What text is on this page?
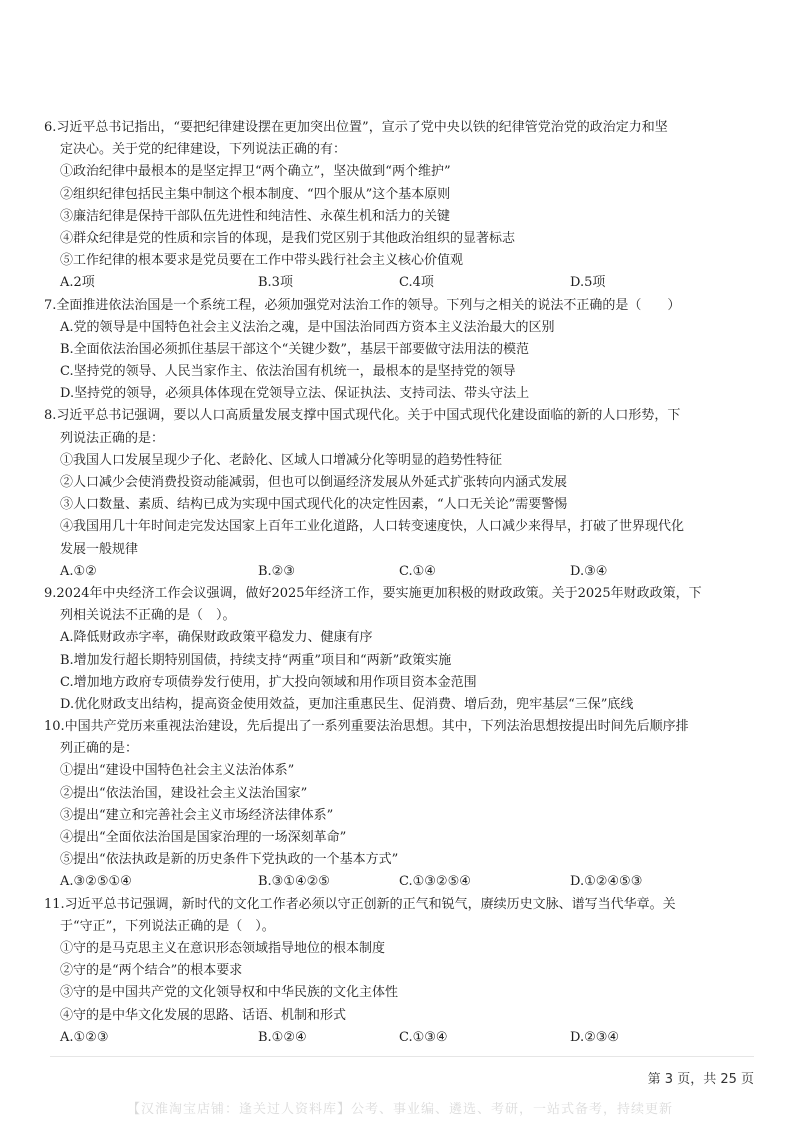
6.习近平总书记指出，“要把纪律建设摆在更加突出位置”，宣示了党中央以铁的纪律管党治党的政治定力和坚
定决心。关于党的纪律建设，下列说法正确的有：
①政治纪律中最根本的是坚定捍卫“两个确立”，坚决做到“两个维护”
②组织纪律包括民主集中制这个根本制度、“四个服从”这个基本原则
③廉洁纪律是保持干部队伍先进性和纯洁性、永葆生机和活力的关键
④群众纪律是党的性质和宗旨的体现，是我们党区别于其他政治组织的显著标志
⑤工作纪律的根本要求是党员要在工作中带头践行社会主义核心价值观
A.2项	B.3项	C.4项	D.5项
7.全面推进依法治国是一个系统工程，必须加强党对法治工作的领导。下列与之相关的说法不正确的是（　　）
A.党的领导是中国特色社会主义法治之魂，是中国法治同西方资本主义法治最大的区别
B.全面依法治国必须抓住基层干部这个“关键少数”，基层干部要做守法用法的模范
C.坚持党的领导、人民当家作主、依法治国有机统一，最根本的是坚持党的领导
D.坚持党的领导，必须具体体现在党领导立法、保证执法、支持司法、带头守法上
8.习近平总书记强调，要以人口高质量发展支撑中国式现代化。关于中国式现代化建设面临的新的人口形势，下
列说法正确的是：
①我国人口发展呈现少子化、老龄化、区域人口增减分化等明显的趋势性特征
②人口减少会使消费投资动能减弱，但也可以倒逼经济发展从外延式扩张转向内涵式发展
③人口数量、素质、结构已成为实现中国式现代化的决定性因素，“人口无关论”需要警惕
④我国用几十年时间走完发达国家上百年工业化道路，人口转变速度快，人口减少来得早，打破了世界现代化
发展一般规律
A.①②	B.②③	C.①④	D.③④
9.2024年中央经济工作会议强调，做好2025年经济工作，要实施更加积极的财政政策。关于2025年财政政策，下
列相关说法不正确的是（　）。
A.降低财政赤字率，确保财政政策平稳发力、健康有序
B.增加发行超长期特别国债，持续支持“两重”项目和“两新”政策实施
C.增加地方政府专项债券发行使用，扩大投向领域和用作项目资本金范围
D.优化财政支出结构，提高资金使用效益，更加注重惠民生、促消费、增后劲，兜牢基层“三保”底线
10.中国共产党历来重视法治建设，先后提出了一系列重要法治思想。其中，下列法治思想按提出时间先后顺序排
列正确的是：
①提出“建设中国特色社会主义法治体系”
②提出“依法治国，建设社会主义法治国家”
③提出“建立和完善社会主义市场经济法律体系”
④提出“全面依法治国是国家治理的一场深刻革命”
⑤提出“依法执政是新的历史条件下党执政的一个基本方式”
A.③②⑤①④	B.③①④②⑤	C.①③②⑤④	D.①②④⑤③
11.习近平总书记强调，新时代的文化工作者必须以守正创新的正气和锐气，赓续历史文脉、谱写当代华章。关
于“守正”，下列说法正确的是（　）。
①守的是马克思主义在意识形态领域指导地位的根本制度
②守的是“两个结合”的根本要求
③守的是中国共产党的文化领导权和中华民族的文化主体性
④守的是中华文化发展的思路、话语、机制和形式
A.①②③	B.①②④	C.①③④	D.②③④
第 3 页，共 25 页
【汉淮淘宝店铺：逢关过人资料库】公考、事业编、遴选、考研，一站式备考，持续更新
